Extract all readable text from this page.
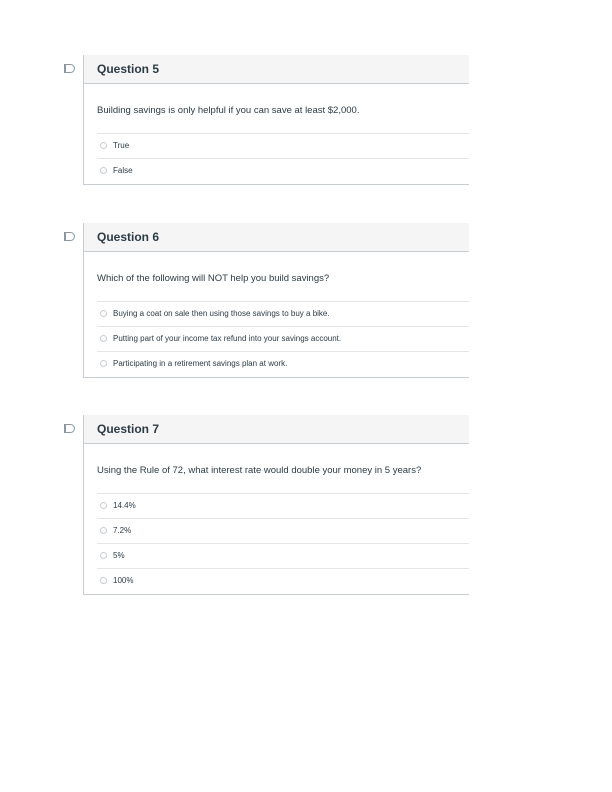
Question 5
Building savings is only helpful if you can save at least $2,000.
True
False
Question 6
Which of the following will NOT help you build savings?
Buying a coat on sale then using those savings to buy a bike.
Putting part of your income tax refund into your savings account.
Participating in a retirement savings plan at work.
Question 7
Using the Rule of 72, what interest rate would double your money in 5 years?
14.4%
7.2%
5%
100%
